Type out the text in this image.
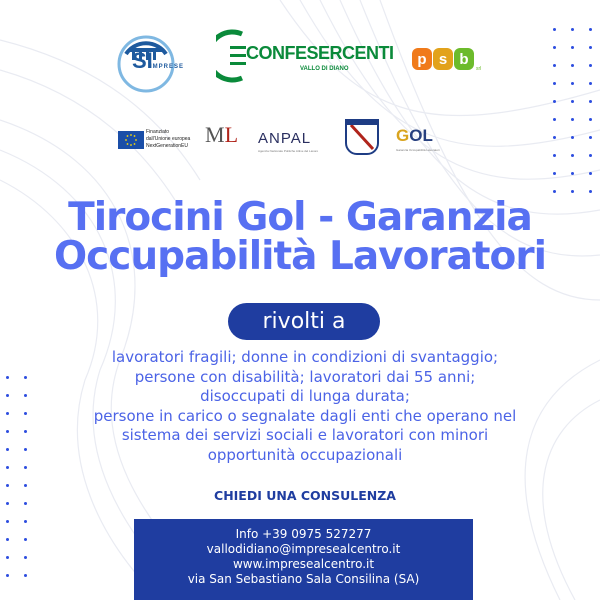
SI
IMPRESE
CONFESERCENTI
VALLO DI DIANO
p s b
srl
Finanziato
dall'Unione europea
NextGenerationEU ML ANPAL
Agenzia Nazionale Politiche Attive del Lavoro
GOL
Garanzia Occupabilità Lavoratori
Tirocini Gol - Garanzia
Occupabilità Lavoratori
rivolti a

lavoratori fragili; donne in condizioni di svantaggio;

persone con disabilità; lavoratori dai 55 anni;

disoccupati di lunga durata;

persone in carico o segnalate dagli enti che operano nel

sistema dei servizi sociali e lavoratori con minori

opportunità occupazionali

CHIEDI UNA CONSULENZA

Info +39 0975 527277

vallodidiano@impresealcentro.it

www.impresealcentro.it

via San Sebastiano Sala Consilina (SA)
